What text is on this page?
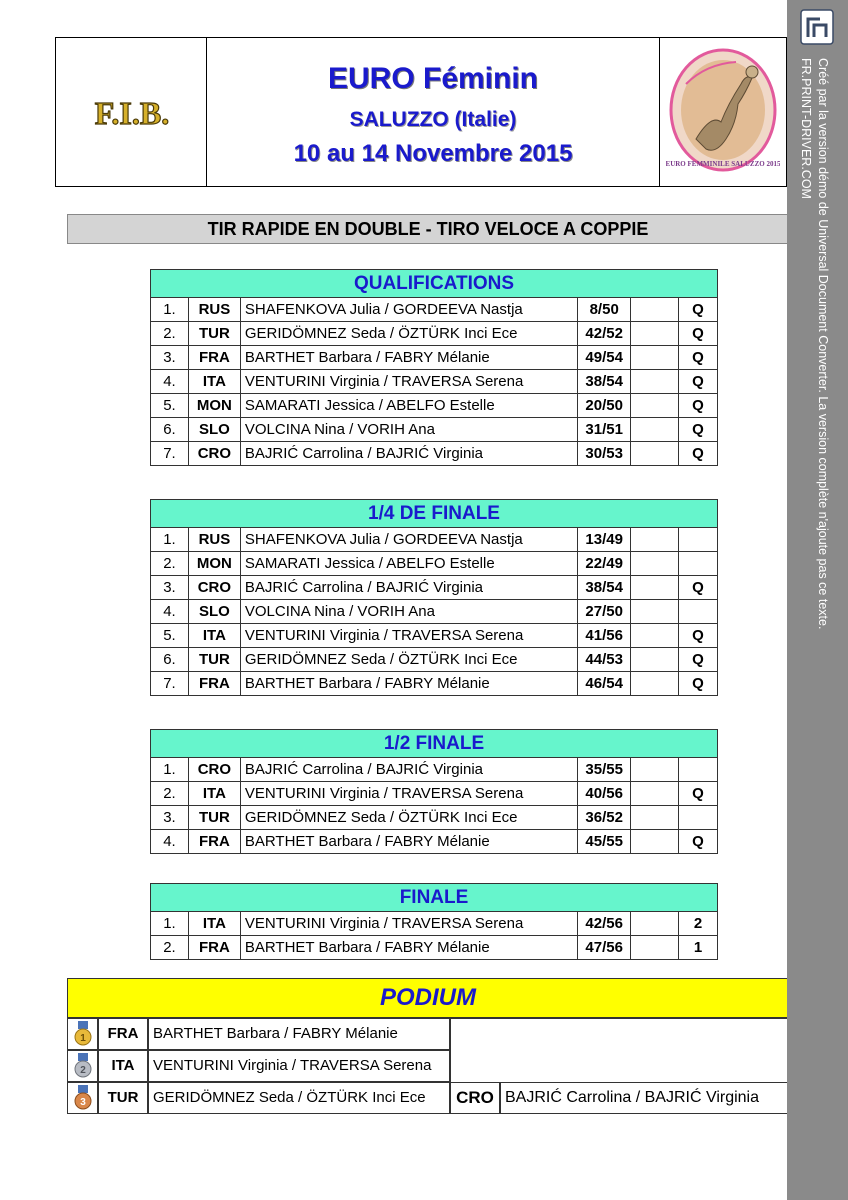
F.I.B.
EURO Féminin
SALUZZO (Italie)
10 au 14 Novembre 2015	EURO FEMMINILE SALUZZO 2015
TIR RAPIDE EN DOUBLE - TIRO VELOCE A COPPIE
QUALIFICATIONS					
1.	RUS	SHAFENKOVA Julia / GORDEEVA Nastja	8/50		Q
2.	TUR	GERIDÖMNEZ Seda / ÖZTÜRK Inci Ece	42/52		Q
3.	FRA	BARTHET Barbara / FABRY Mélanie	49/54		Q
4.	ITA	VENTURINI Virginia / TRAVERSA Serena	38/54		Q
5.	MON	SAMARATI Jessica / ABELFO Estelle	20/50		Q
6.	SLO	VOLCINA Nina / VORIH Ana	31/51		Q
7.	CRO	BAJRIĆ Carrolina / BAJRIĆ Virginia	30/53		Q
1/4 DE FINALE					
1.	RUS	SHAFENKOVA Julia / GORDEEVA Nastja	13/49		
2.	MON	SAMARATI Jessica / ABELFO Estelle	22/49		
3.	CRO	BAJRIĆ Carrolina / BAJRIĆ Virginia	38/54		Q
4.	SLO	VOLCINA Nina / VORIH Ana	27/50		
5.	ITA	VENTURINI Virginia / TRAVERSA Serena	41/56		Q
6.	TUR	GERIDÖMNEZ Seda / ÖZTÜRK Inci Ece	44/53		Q
7.	FRA	BARTHET Barbara / FABRY Mélanie	46/54		Q
1/2 FINALE					
1.	CRO	BAJRIĆ Carrolina / BAJRIĆ Virginia	35/55		
2.	ITA	VENTURINI Virginia / TRAVERSA Serena	40/56		Q
3.	TUR	GERIDÖMNEZ Seda / ÖZTÜRK Inci Ece	36/52		
4.	FRA	BARTHET Barbara / FABRY Mélanie	45/55		Q
FINALE					
1.	ITA	VENTURINI Virginia / TRAVERSA Serena	42/56		2
2.	FRA	BARTHET Barbara / FABRY Mélanie	47/56		1
PODIUM
1	FRA BARTHET Barbara / FABRY Mélanie
2	ITA	VENTURINI Virginia / TRAVERSA Serena
3	TUR GERIDÖMNEZ Seda / ÖZTÜRK Inci Ece	CRO BAJRIĆ Carrolina / BAJRIĆ Virginia
Créé par la version démo de Universal Document Converter. La version complète n'ajoute pas ce texte.
FR.PRINT-DRIVER.COM
